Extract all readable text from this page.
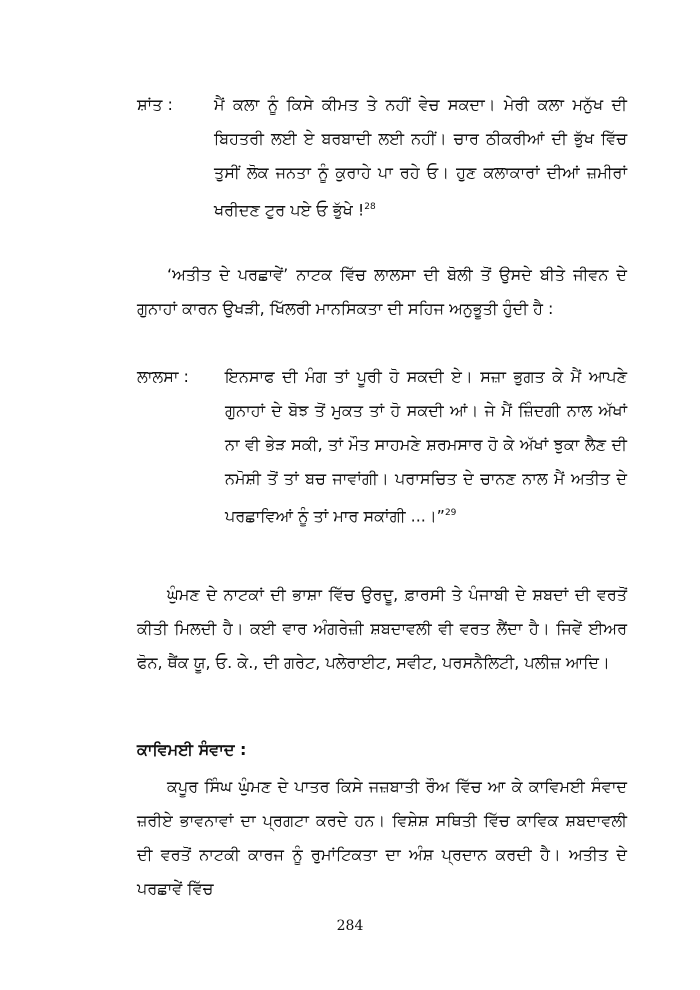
ਸ਼ਾਂਤ :	ਮੈਂ ਕਲਾ ਨੂੰ ਕਿਸੇ ਕੀਮਤ ਤੇ ਨਹੀਂ ਵੇਚ ਸਕਦਾ। ਮੇਰੀ ਕਲਾ ਮਨੁੱਖ ਦੀ ਬਿਹਤਰੀ ਲਈ ਏ ਬਰਬਾਦੀ ਲਈ ਨਹੀਂ। ਚਾਰ ਠੀਕਰੀਆਂ ਦੀ ਭੁੱਖ ਵਿੱਚ ਤੁਸੀਂ ਲੋਕ ਜਨਤਾ ਨੂੰ ਕੁਰਾਹੇ ਪਾ ਰਹੇ ਓ। ਹੁਣ ਕਲਾਕਾਰਾਂ ਦੀਆਂ ਜ਼ਮੀਰਾਂ ਖਰੀਦਣ ਟੁਰ ਪਏ ਓ ਭੁੱਖੇ !$^{28}$
‘ਅਤੀਤ ਦੇ ਪਰਛਾਵੇਂ’ ਨਾਟਕ ਵਿੱਚ ਲਾਲਸਾ ਦੀ ਬੋਲੀ ਤੋਂ ਉਸਦੇ ਬੀਤੇ ਜੀਵਨ ਦੇ ਗੁਨਾਹਾਂ ਕਾਰਨ ਉਖੜੀ, ਖਿੱਲਰੀ ਮਾਨਸਿਕਤਾ ਦੀ ਸਹਿਜ ਅਨੁਭੂਤੀ ਹੁੰਦੀ ਹੈ :
ਲਾਲਸਾ : ਇਨਸਾਫ ਦੀ ਮੰਗ ਤਾਂ ਪੂਰੀ ਹੋ ਸਕਦੀ ਏ। ਸਜ਼ਾ ਭੁਗਤ ਕੇ ਮੈਂ ਆਪਣੇ ਗੁਨਾਹਾਂ ਦੇ ਬੋਝ ਤੋਂ ਮੁਕਤ ਤਾਂ ਹੋ ਸਕਦੀ ਆਂ। ਜੇ ਮੈਂ ਜ਼ਿੰਦਗੀ ਨਾਲ ਅੱਖਾਂ ਨਾ ਵੀ ਭੇੜ ਸਕੀ, ਤਾਂ ਮੌਤ ਸਾਹਮਣੇ ਸ਼ਰਮਸਾਰ ਹੋ ਕੇ ਅੱਖਾਂ ਝੁਕਾ ਲੈਣ ਦੀ ਨਮੋਸ਼ੀ ਤੋਂ ਤਾਂ ਬਚ ਜਾਵਾਂਗੀ। ਪਰਾਸਚਿਤ ਦੇ ਚਾਨਣ ਨਾਲ ਮੈਂ ਅਤੀਤ ਦੇ ਪਰਛਾਵਿਆਂ ਨੂੰ ਤਾਂ ਮਾਰ ਸਕਾਂਗੀ ...।”$^{29}$
ਘੁੰਮਣ ਦੇ ਨਾਟਕਾਂ ਦੀ ਭਾਸ਼ਾ ਵਿੱਚ ਉਰਦੂ, ਫ਼ਾਰਸੀ ਤੇ ਪੰਜਾਬੀ ਦੇ ਸ਼ਬਦਾਂ ਦੀ ਵਰਤੋਂ ਕੀਤੀ ਮਿਲਦੀ ਹੈ। ਕਈ ਵਾਰ ਅੰਗਰੇਜ਼ੀ ਸ਼ਬਦਾਵਲੀ ਵੀ ਵਰਤ ਲੈਂਦਾ ਹੈ। ਜਿਵੇਂ ਈਅਰ ਫੋਨ, ਥੈਂਕ ਯੂ, ਓ. ਕੇ., ਦੀ ਗਰੇਟ, ਪਲੇਰਾਈਟ, ਸਵੀਟ, ਪਰਸਨੈਲਿਟੀ, ਪਲੀਜ਼ ਆਦਿ।
ਕਾਵਿਮਈ ਸੰਵਾਦ :
ਕਪੂਰ ਸਿੰਘ ਘੁੰਮਣ ਦੇ ਪਾਤਰ ਕਿਸੇ ਜਜ਼ਬਾਤੀ ਰੌਅ ਵਿੱਚ ਆ ਕੇ ਕਾਵਿਮਈ ਸੰਵਾਦ ਜ਼ਰੀਏ ਭਾਵਨਾਵਾਂ ਦਾ ਪ੍ਰਗਟਾ ਕਰਦੇ ਹਨ। ਵਿਸ਼ੇਸ਼ ਸਥਿਤੀ ਵਿੱਚ ਕਾਵਿਕ ਸ਼ਬਦਾਵਲੀ ਦੀ ਵਰਤੋਂ ਨਾਟਕੀ ਕਾਰਜ ਨੂੰ ਰੁਮਾਂਟਿਕਤਾ ਦਾ ਅੰਸ਼ ਪ੍ਰਦਾਨ ਕਰਦੀ ਹੈ। ਅਤੀਤ ਦੇ ਪਰਛਾਵੇਂ ਵਿੱਚ
284
